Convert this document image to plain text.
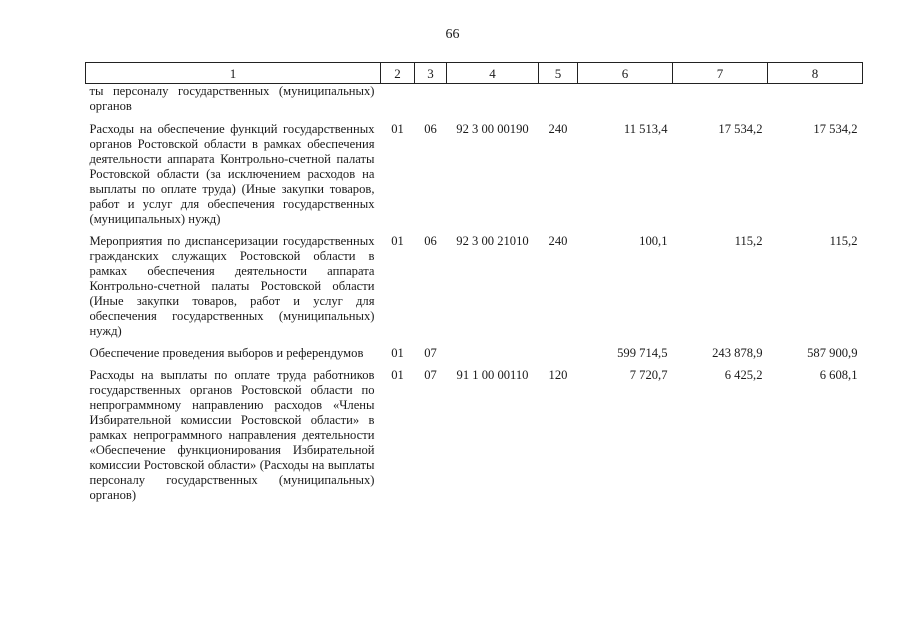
66
1	2	3	4	5	6	7	8
ты персоналу государственных (муниципальных) органов							
Расходы на обеспечение функций государственных органов Ростовской области в рамках обеспечения деятельности аппарата Контрольно-счетной палаты Ростовской области (за исключением расходов на выплаты по оплате труда) (Иные закупки товаров, работ и услуг для обеспечения государственных (муниципальных) нужд)	01	06	92 3 00 00190	240	11 513,4	17 534,2	17 534,2
Мероприятия по диспансеризации государственных гражданских служащих Ростовской области в рамках обеспечения деятельности аппарата Контрольно-счетной палаты Ростовской области (Иные закупки товаров, работ и услуг для обеспечения государственных (муниципальных) нужд)	01	06	92 3 00 21010	240	100,1	115,2	115,2
Обеспечение проведения выборов и референдумов	01	07			599 714,5	243 878,9	587 900,9
Расходы на выплаты по оплате труда работников государственных органов Ростовской области по непрограммному направлению расходов «Члены Избирательной комиссии Ростовской области» в рамках непрограммного направления деятельности «Обеспечение функционирования Избирательной комиссии Ростовской области» (Расходы на выплаты персоналу государственных (муниципальных) органов)	01	07	91 1 00 00110	120	7 720,7	6 425,2	6 608,1
